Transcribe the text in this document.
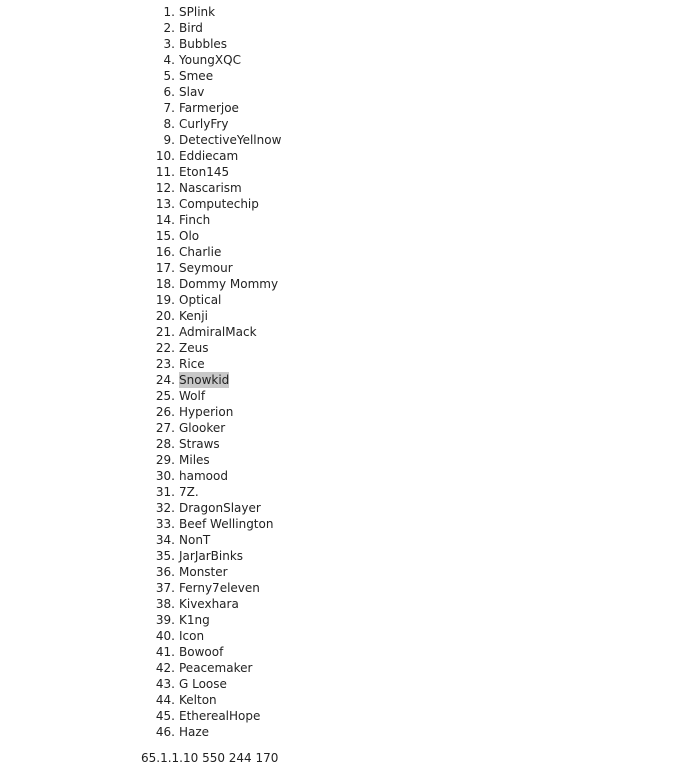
1. SPlink
2. Bird
3. Bubbles
4. YoungXQC
5. Smee
6. Slav
7. Farmerjoe
8. CurlyFry
9. DetectiveYellnow
10. Eddiecam
11. Eton145
12. Nascarism
13. Computechip
14. Finch
15. Olo
16. Charlie
17. Seymour
18. Dommy Mommy
19. Optical
20. Kenji
21. AdmiralMack
22. Zeus
23. Rice
24. Snowkid
25. Wolf
26. Hyperion
27. Glooker
28. Straws
29. Miles
30. hamood
31. 7Z.
32. DragonSlayer
33. Beef Wellington
34. NonT
35. JarJarBinks
36. Monster
37. Ferny7eleven
38. Kivexhara
39. K1ng
40. Icon
41. Bowoof
42. Peacemaker
43. G Loose
44. Kelton
45. EtherealHope
46. Haze
65.1.1.10 550 244 170
